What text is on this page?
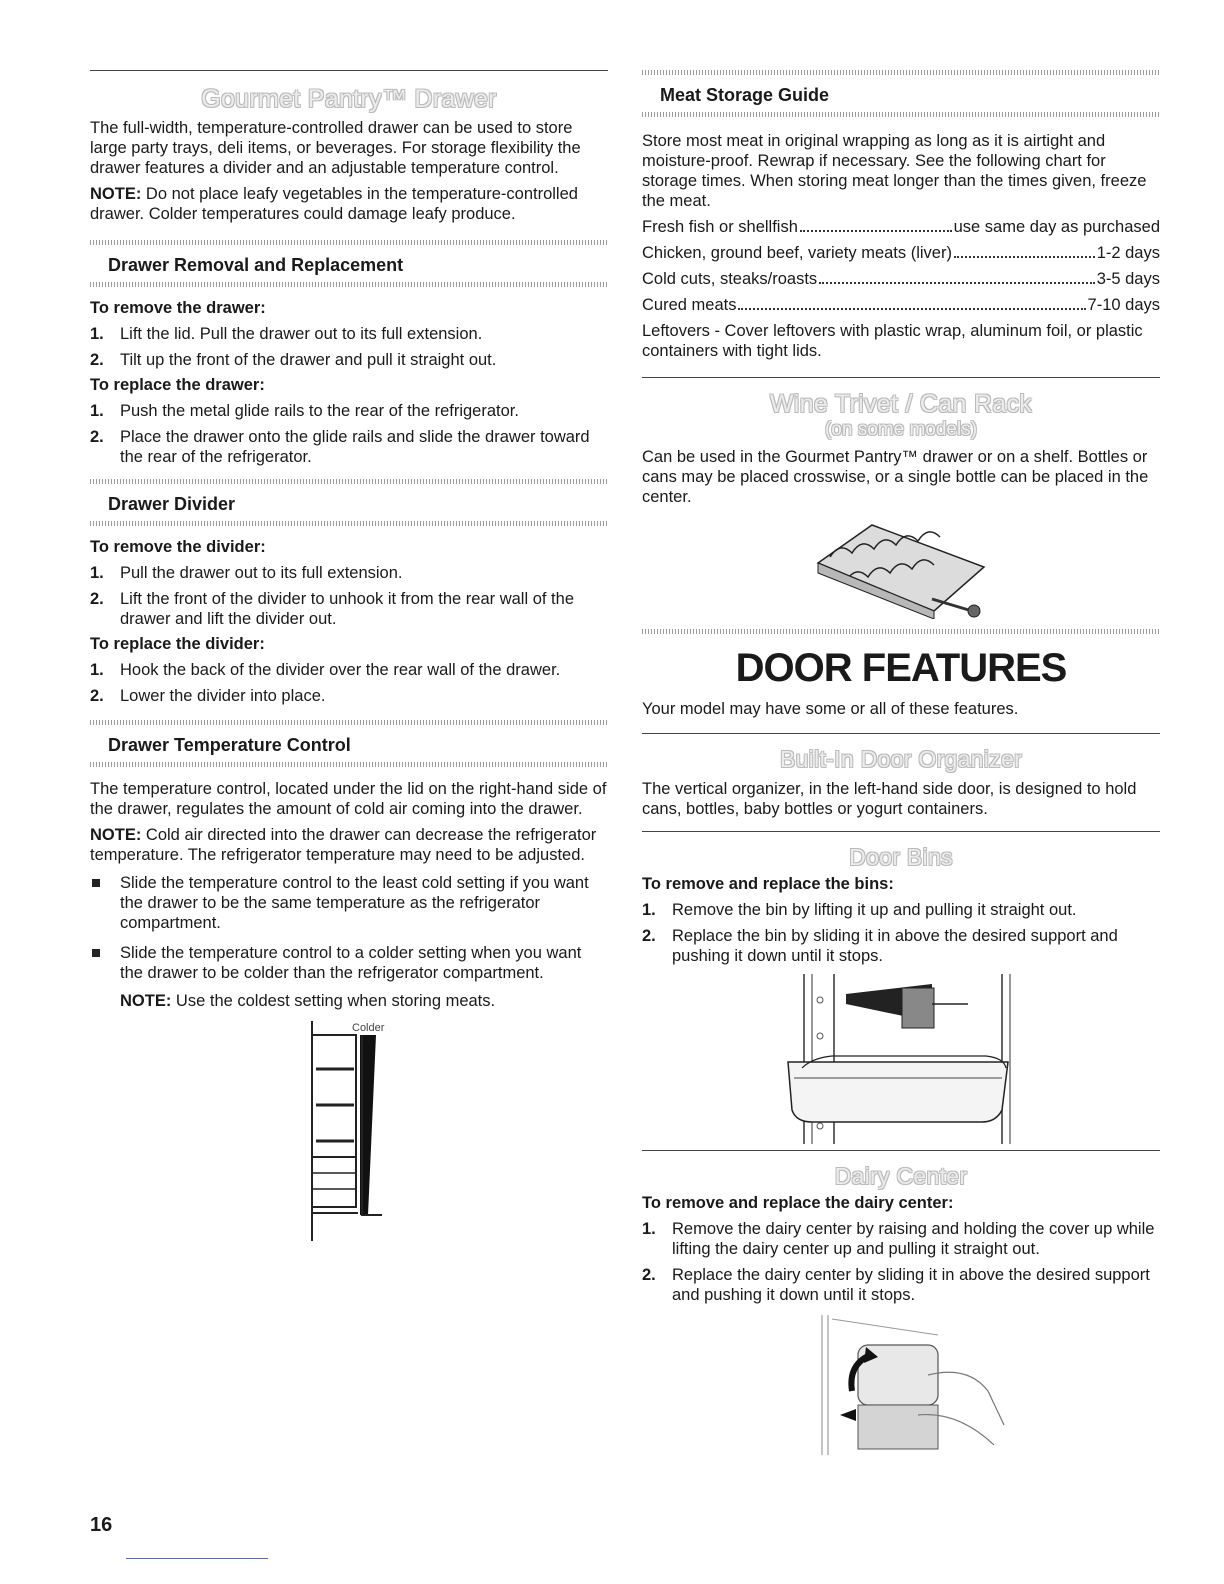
Gourmet Pantry™ Drawer

The full-width, temperature-controlled drawer can be used to store large party trays, deli items, or beverages. For storage flexibility the drawer features a divider and an adjustable temperature control.

NOTE: Do not place leafy vegetables in the temperature-controlled drawer. Colder temperatures could damage leafy produce.

Drawer Removal and Replacement
To remove the drawer:
1. Lift the lid. Pull the drawer out to its full extension.
2. Tilt up the front of the drawer and pull it straight out.
To replace the drawer:
1. Push the metal glide rails to the rear of the refrigerator.
2. Place the drawer onto the glide rails and slide the drawer toward the rear of the refrigerator.
Drawer Divider
To remove the divider:
1. Pull the drawer out to its full extension.
2. Lift the front of the divider to unhook it from the rear wall of the drawer and lift the divider out.
To replace the divider:
1. Hook the back of the divider over the rear wall of the drawer.
2. Lower the divider into place.
Drawer Temperature Control

The temperature control, located under the lid on the right-hand side of the drawer, regulates the amount of cold air coming into the drawer.

NOTE: Cold air directed into the drawer can decrease the refrigerator temperature. The refrigerator temperature may need to be adjusted.

Slide the temperature control to the least cold setting if you want the drawer to be the same temperature as the refrigerator compartment.
Slide the temperature control to a colder setting when you want the drawer to be colder than the refrigerator compartment.

NOTE: Use the coldest setting when storing meats.

Colder
Meat Storage Guide

Store most meat in original wrapping as long as it is airtight and moisture-proof. Rewrap if necessary. See the following chart for storage times. When storing meat longer than the times given, freeze the meat.

Fresh fish or shellfish	use same day as purchased
Chicken, ground beef, variety meats (liver)	1-2 days
Cold cuts, steaks/roasts	3-5 days
Cured meats	7-10 days

Leftovers - Cover leftovers with plastic wrap, aluminum foil, or plastic containers with tight lids.

Wine Trivet / Can Rack
(on some models)

Can be used in the Gourmet Pantry™ drawer or on a shelf. Bottles or cans may be placed crosswise, or a single bottle can be placed in the center.

DOOR FEATURES

Your model may have some or all of these features.

Built-In Door Organizer

The vertical organizer, in the left-hand side door, is designed to hold cans, bottles, baby bottles or yogurt containers.

Door Bins
To remove and replace the bins:
1. Remove the bin by lifting it up and pulling it straight out.
2. Replace the bin by sliding it in above the desired support and pushing it down until it stops.
Dairy Center
To remove and replace the dairy center:
1. Remove the dairy center by raising and holding the cover up while lifting the dairy center up and pulling it straight out.
2. Replace the dairy center by sliding it in above the desired support and pushing it down until it stops.
16
